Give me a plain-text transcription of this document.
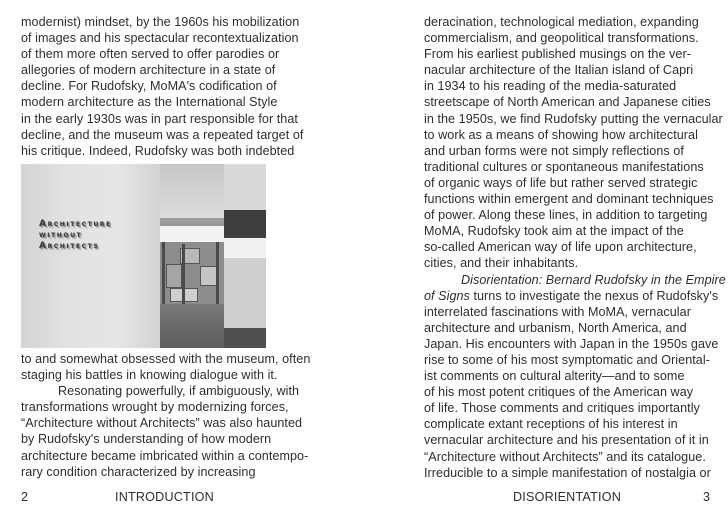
modernist) mindset, by the 1960s his mobilization
of images and his spectacular recontextualization
of them more often served to offer parodies or
allegories of modern architecture in a state of
decline. For Rudofsky, MoMA's codification of
modern architecture as the International Style
in the early 1930s was in part responsible for that
decline, and the museum was a repeated target of
his critique. Indeed, Rudofsky was both indebted
Architecture
without
Architects
to and somewhat obsessed with the museum, often
staging his battles in knowing dialogue with it.
Resonating powerfully, if ambiguously, with
transformations wrought by modernizing forces,
“Architecture without Architects” was also haunted
by Rudofsky's understanding of how modern
architecture became imbricated within a contempo-
rary condition characterized by increasing
2	INTRODUCTION
deracination, technological mediation, expanding
commercialism, and geopolitical transformations.
From his earliest published musings on the ver-
nacular architecture of the Italian island of Capri
in 1934 to his reading of the media-saturated
streetscape of North American and Japanese cities
in the 1950s, we find Rudofsky putting the vernacular
to work as a means of showing how architectural
and urban forms were not simply reflections of
traditional cultures or spontaneous manifestations
of organic ways of life but rather served strategic
functions within emergent and dominant techniques
of power. Along these lines, in addition to targeting
MoMA, Rudofsky took aim at the impact of the
so-called American way of life upon architecture,
cities, and their inhabitants.
Disorientation: Bernard Rudofsky in the Empire
of Signs turns to investigate the nexus of Rudofsky's
interrelated fascinations with MoMA, vernacular
architecture and urbanism, North America, and
Japan. His encounters with Japan in the 1950s gave
rise to some of his most symptomatic and Oriental-
ist comments on cultural alterity—and to some
of his most potent critiques of the American way
of life. Those comments and critiques importantly
complicate extant receptions of his interest in
vernacular architecture and his presentation of it in
“Architecture without Architects” and its catalogue.
Irreducible to a simple manifestation of nostalgia or
DISORIENTATION	3
